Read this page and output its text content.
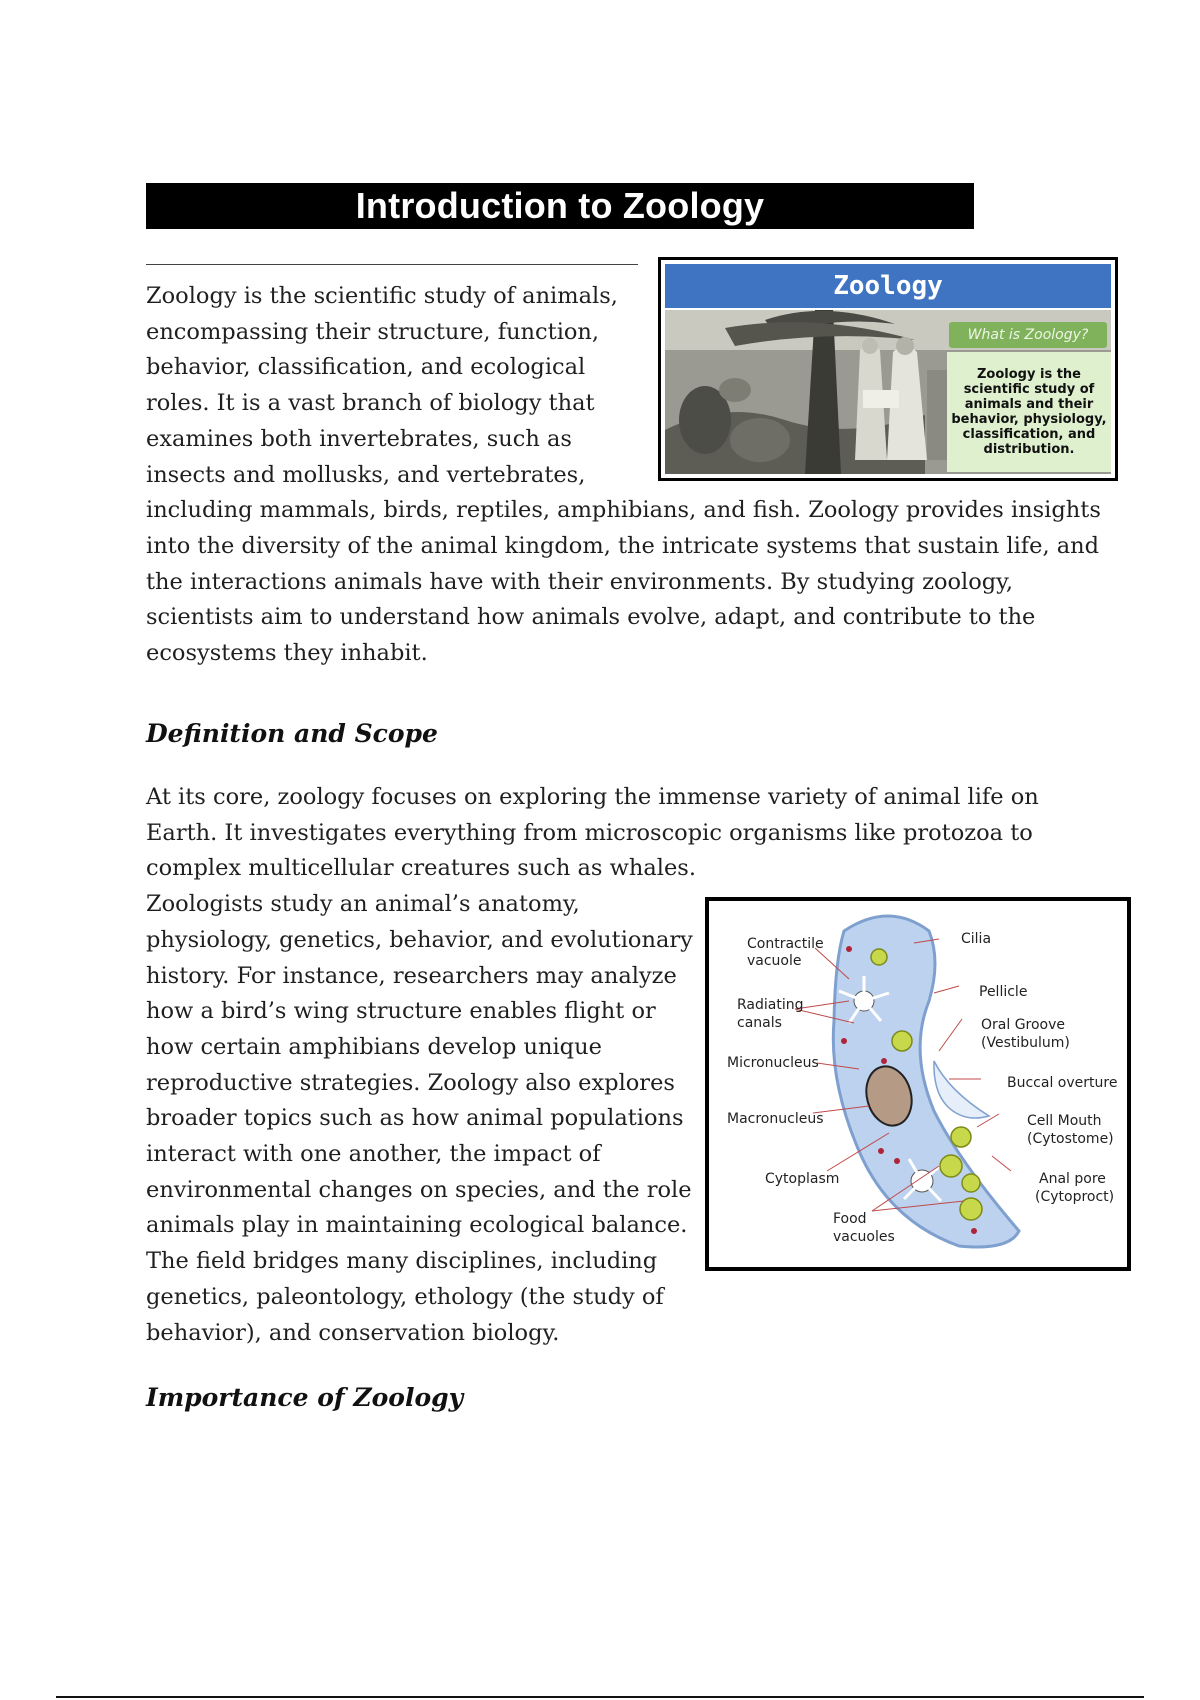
Introduction to Zoology
Zoology
What is Zoology?
Zoology is the scientific study of animals and their behavior, physiology, classification, and distribution.
Zoology is the scientific study of animals,
encompassing their structure, function,
behavior, classification, and ecological
roles. It is a vast branch of biology that
examines both invertebrates, such as
insects and mollusks, and vertebrates,
including mammals, birds, reptiles, amphibians, and fish. Zoology provides insights
into the diversity of the animal kingdom, the intricate systems that sustain life, and
the interactions animals have with their environments. By studying zoology,
scientists aim to understand how animals evolve, adapt, and contribute to the
ecosystems they inhabit.
Definition and Scope
At its core, zoology focuses on exploring the immense variety of animal life on
Earth. It investigates everything from microscopic organisms like protozoa to
complex multicellular creatures such as whales.
Zoologists study an animal’s anatomy,
physiology, genetics, behavior, and evolutionary
history. For instance, researchers may analyze
how a bird’s wing structure enables flight or
how certain amphibians develop unique
reproductive strategies. Zoology also explores
broader topics such as how animal populations
interact with one another, the impact of
environmental changes on species, and the role
animals play in maintaining ecological balance.
The field bridges many disciplines, including
genetics, paleontology, ethology (the study of
behavior), and conservation biology.
Contractile
vacuole
Radiating
canals
Micronucleus
Macronucleus
Cytoplasm
Food
vacuoles
Cilia
Pellicle
Oral Groove
(Vestibulum)
Buccal overture
Cell Mouth
(Cytostome)
Anal pore
(Cytoproct)
Importance of Zoology
